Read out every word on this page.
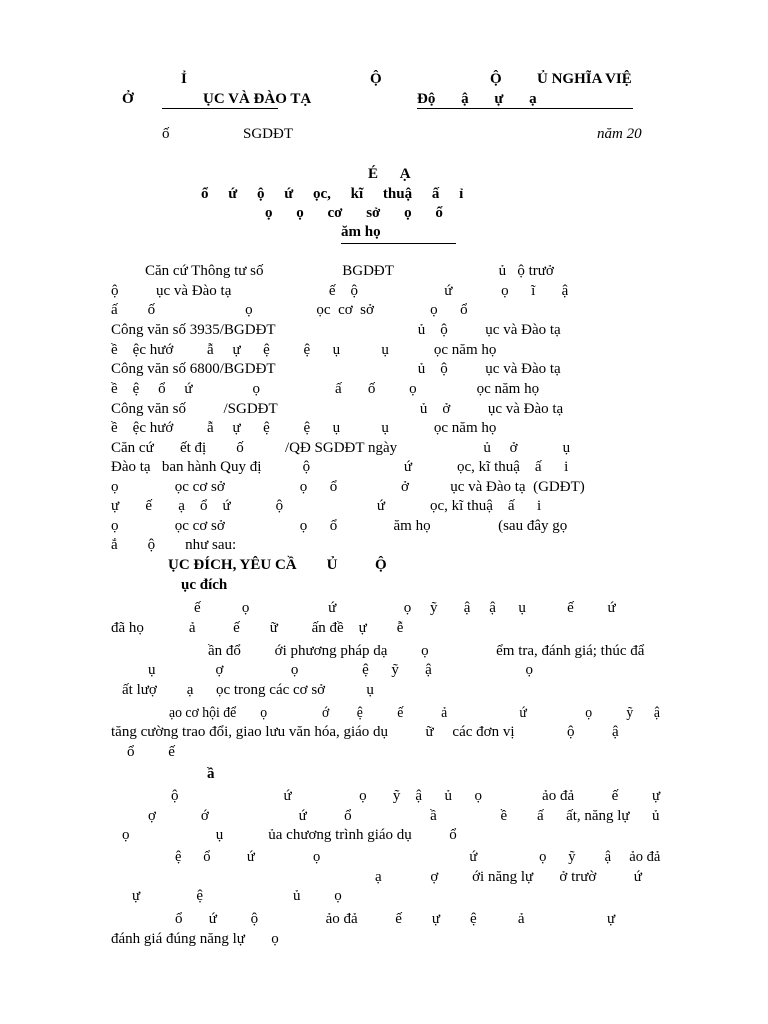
Ỉ	Ộ	Ộ Ủ NGHĨA VIỆ
Ở	ỤC VÀ ĐÀO TẠ	Độ ậ ự ạ
ố	SGDĐT	năm 20
É Ạ
ổ ứ ộ ứ ọc, kĩ thuậ ấ ỉ
ọ ọ cơ sở ọ ổ
ăm họ
Căn cứ Thông tư số                     BGDĐT                            ủ   ộ trưở
ộ          ục và Đào tạ                          ế    ộ                       ứ             ọ      ĩ       ậ
ấ        ố                        ọ                 ọc  cơ  sở               ọ      ổ
Công văn số 3935/BGDĐT                                      ủ    ộ          ục và Đào tạ
ề    ệc hướ         ẫ     ự      ệ         ệ      ụ           ụ            ọc năm họ
Công văn số 6800/BGDĐT                                      ủ    ộ          ục và Đào tạ
ề    ệ     ổ     ứ                ọ                    ấ       ố         ọ                ọc năm họ
Công văn số          /SGDĐT                                      ủ    ở          ục và Đào tạ
ề    ệc hướ         ẫ     ự      ệ         ệ      ụ           ụ            ọc năm họ
Căn cứ       ết đị        ố           /QĐ SGDĐT ngày                       ủ     ở            ụ
Đào tạ   ban hành Quy đị           ộ                         ứ            ọc, kĩ thuậ    ấ      i
ọ               ọc cơ sở                    ọ      ổ                 ở           ục và Đào tạ  (GDĐT)
ự       ế       ạ    ổ    ứ            ộ                         ứ            ọc, kĩ thuậ    ấ      i
ọ               ọc cơ sở                    ọ      ổ               ăm họ                  (sau đây gọ
ắ        ộ        như sau:
ỤC ĐÍCH, YÊU CẦ        Ủ          Ộ
ục đích
ế           ọ                     ứ                  ọ     ỹ       ậ     ậ      ụ           ế         ứ
đã họ            ả          ế        ữ         ấn đề    ự        ễ
ần đổ         ới phương pháp dạ         ọ                  ểm tra, đánh giá; thúc đẩ
ụ                ợ                  ọ                 ệ      ỹ       ậ                         ọ
ất lượ        ạ      ọc trong các cơ sở           ụ
ạo cơ hội để       ọ                ớ        ệ          ế           ả                     ứ                 ọ          ỹ      ậ
tăng cường trao đổi, giao lưu văn hóa, giáo dụ          ữ     các đơn vị              ộ          ậ
ổ         ế
ầ
ộ                            ứ                  ọ       ỹ    ậ      ủ      ọ                ảo đả          ế         ự
ợ            ớ                        ứ          ổ                     ầ                 ề        ấ      ất, năng lự      ủ
ọ                       ụ            ủa chương trình giáo dụ          ổ
ệ      ổ          ứ                ọ                                         ứ                 ọ      ỹ        ậ     ảo đả
ạ             ợ         ới năng lự       ở trườ          ứ
ự               ệ                        ủ         ọ
ổ       ứ         ộ                  ảo đả          ế        ự        ệ           ả                      ự
đánh giá đúng năng lự       ọ
